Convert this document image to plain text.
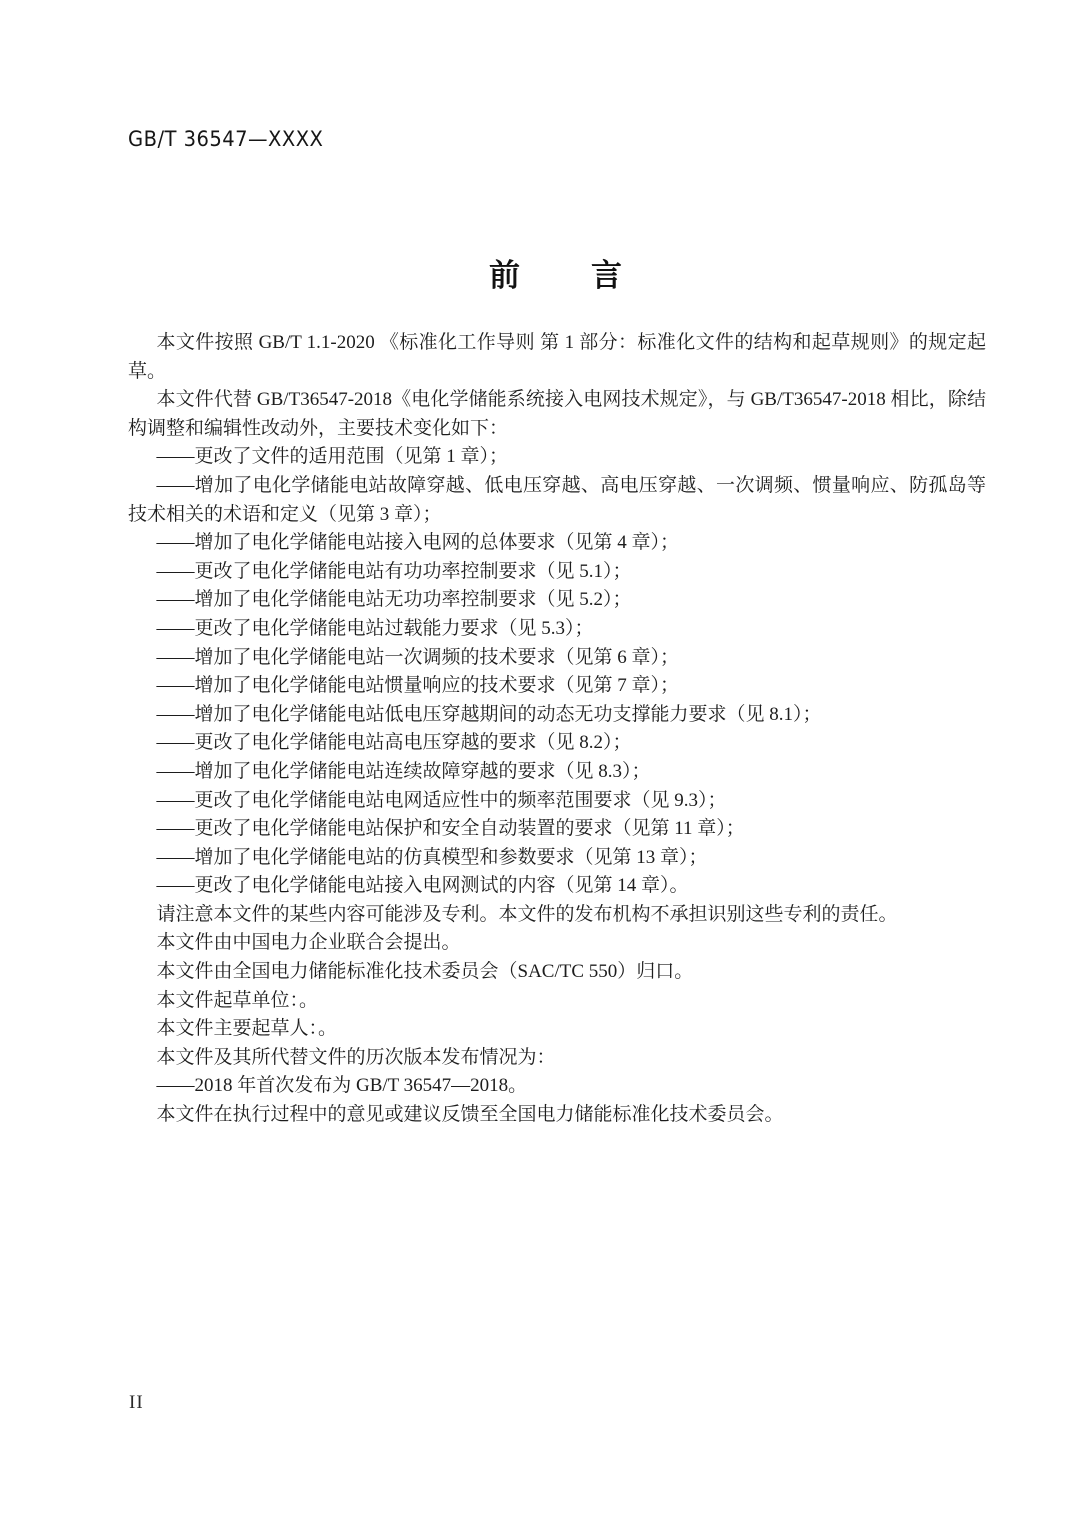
GB/T 36547—XXXX
前　　言

本文件按照 GB/T 1.1-2020 《标准化工作导则 第 1 部分：标准化文件的结构和起草规则》的规定起草。

本文件代替 GB/T36547-2018《电化学储能系统接入电网技术规定》，与 GB/T36547-2018 相比，除结构调整和编辑性改动外，主要技术变化如下：

——更改了文件的适用范围（见第 1 章）；

——增加了电化学储能电站故障穿越、低电压穿越、高电压穿越、一次调频、惯量响应、防孤岛等技术相关的术语和定义（见第 3 章）；

——增加了电化学储能电站接入电网的总体要求（见第 4 章）；

——更改了电化学储能电站有功功率控制要求（见 5.1）；

——增加了电化学储能电站无功功率控制要求（见 5.2）；

——更改了电化学储能电站过载能力要求（见 5.3）；

——增加了电化学储能电站一次调频的技术要求（见第 6 章）；

——增加了电化学储能电站惯量响应的技术要求（见第 7 章）；

——增加了电化学储能电站低电压穿越期间的动态无功支撑能力要求（见 8.1）；

——更改了电化学储能电站高电压穿越的要求（见 8.2）；

——增加了电化学储能电站连续故障穿越的要求（见 8.3）；

——更改了电化学储能电站电网适应性中的频率范围要求（见 9.3）；

——更改了电化学储能电站保护和安全自动装置的要求（见第 11 章）；

——增加了电化学储能电站的仿真模型和参数要求（见第 13 章）；

——更改了电化学储能电站接入电网测试的内容（见第 14 章）。

请注意本文件的某些内容可能涉及专利。本文件的发布机构不承担识别这些专利的责任。

本文件由中国电力企业联合会提出。

本文件由全国电力储能标准化技术委员会（SAC/TC 550）归口。

本文件起草单位：。

本文件主要起草人：。

本文件及其所代替文件的历次版本发布情况为：

——2018 年首次发布为 GB/T 36547—2018。

本文件在执行过程中的意见或建议反馈至全国电力储能标准化技术委员会。

II
